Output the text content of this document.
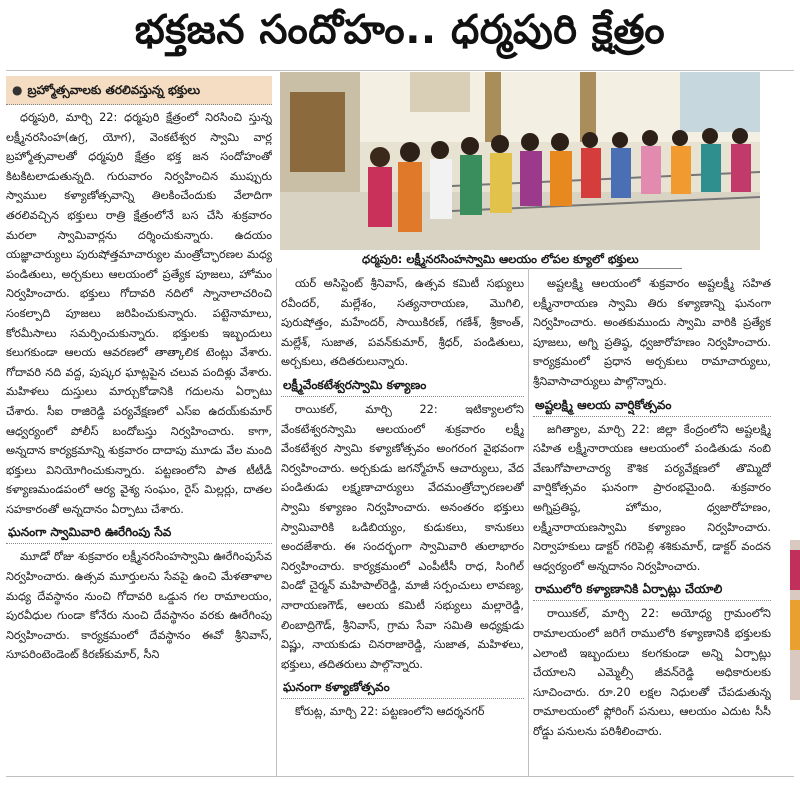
భక్తజన సందోహం.. ధర్మపురి క్షేత్రం
● బ్రహ్మోత్సవాలకు తరలివస్తున్న భక్తులు

ధర్మపురి, మార్చి 22: ధర్మపురి క్షేత్రంలో నిరసించి స్తున్న లక్ష్మీనరసింహ(ఉగ్ర, యోగ), వెంకటేశ్వర స్వామి వార్ల బ్రహ్మోత్సవాలతో ధర్మపురి క్షేత్రం భక్త జన సందోహంతో కిటకిటలాడుతున్నది. గురువారం నిర్వహించిన ముప్పురు స్వాముల కళ్యాణోత్సవాన్ని తిలకించేందుకు వేలాదిగా తరలివచ్చిన భక్తులు రాత్రి క్షేత్రంలోనే బస చేసి శుక్రవారం మరలా స్వామివార్లను దర్శించుకున్నారు. ఉదయం యజ్ఞాచార్యులు పురుషోత్తమాచార్యుల మంత్రోచ్ఛారణల మధ్య పండితులు, అర్చకులు ఆలయంలో ప్రత్యేక పూజలు, హోమం నిర్వహించారు. భక్తులు గోదావరి నదిలో స్నానాలాచరించి సంకల్పాది పూజలు జరిపించుకున్నారు. పట్టెనామాలు, కోరమీసాలు సమర్పించుకున్నారు. భక్తులకు ఇబ్బందులు కలుగకుండా ఆలయ ఆవరణలో తాత్కాలిక టెంట్లు వేశారు. గోదావరి నది వద్ద, పుష్కర ఘాట్లపైన చలువ పందిళ్లు వేశారు. మహిళలు దుస్తులు మార్చుకోడానికి గదులను ఏర్పాటు చేశారు. సీఐ రాజిరెడ్డి పర్యవేక్షణలో ఎస్ఐ ఉదయ్‌కుమార్ ఆధ్వర్యంలో పోలీస్ బందోబస్తు నిర్వహించారు. కాగా, అన్నదాన కార్యక్రమాన్ని శుక్రవారం దాదాపు మూడు వేల మంది భక్తులు వినియోగించుకున్నారు. పట్టణంలోని పాత టీటీడీ కళ్యాణమండపంలో ఆర్య వైశ్య సంఘం, రైస్ మిల్లర్లు, దాతల సహకారంతో అన్నదానం ఏర్పాటు చేశారు.

ఘనంగా స్వామివారి ఊరేగింపు సేవ

మూడో రోజు శుక్రవారం లక్ష్మీనరసింహస్వామి ఊరేగింపుసేవ నిర్వహించారు. ఉత్సవ మూర్తులను సేవపై ఉంచి మేళతాళాల మధ్య దేవస్థానం నుంచి గోదావరి ఒడ్డున గల రామాలయం, పురవీధుల గుండా కోనేరు నుంచి దేవస్థానం వరకు ఊరేగింపు నిర్వహించారు. కార్యక్రమంలో దేవస్థానం ఈవో శ్రీనివాస్, సూపరింటెండెంట్ కిరణ్‌కుమార్, సీని

ధర్మపురి: లక్ష్మీనరసింహస్వామి ఆలయం లోపల క్యూలో భక్తులు

యర్ అసిస్టెంట్ శ్రీనివాస్, ఉత్సవ కమిటీ సభ్యులు రవీందర్, మల్లేశం, సత్యనారాయణ, మొగిలి, పురుషోత్తం, మహేందర్, సాయికిరణ్, గణేశ్, శ్రీకాంత్, మల్లేశ్, సుజాత, పవన్‌కుమార్, శ్రీధర్, పండితులు, అర్చకులు, తదితరులున్నారు.

లక్ష్మీవేంకటేశ్వరస్వామి కళ్యాణం

రాయికల్, మార్చి 22: ఇటిక్యాలలోని వేంకటేశ్వరస్వామి ఆలయంలో శుక్రవారం లక్ష్మీ వేంకటేశ్వర స్వామి కళ్యాణోత్సవం అంగరంగ వైభవంగా నిర్వహించారు. అర్చకుడు జగన్మోహన్ ఆచార్యులు, వేద పండితుడు లక్ష్మణాచార్యులు వేదమంత్రోచ్ఛారణలతో స్వామి కళ్యాణం నిర్వహించారు. అనంతరం భక్తులు స్వామివారికి ఒడిబియ్యం, కుడుకలు, కానుకలు అందజేశారు. ఈ సందర్భంగా స్వామివారి తులాభారం నిర్వహించారు. కార్యక్రమంలో ఎంపీటీసీ రాధ, సింగిల్ విండో చైర్మన్ మహిపాల్‌రెడ్డి, మాజీ సర్పంచులు లావణ్య, నారాయణగౌడ్, ఆలయ కమిటీ సభ్యులు మల్లారెడ్డి, లింబాద్రిగౌడ్, శ్రీనివాస్, గ్రామ సేవా సమితి అధ్యక్షుడు విష్ణు, నాయకుడు చినరాజారెడ్డి, సుజాత, మహిళలు, భక్తులు, తదితరులు పాల్గొన్నారు.

ఘనంగా కళ్యాణోత్సవం

కోరుట్ల, మార్చి 22: పట్టణంలోని ఆదర్శనగర్

అష్టలక్ష్మి ఆలయంలో శుక్రవారం అష్టలక్ష్మీ సహిత లక్ష్మీనారాయణ స్వామి తిరు కళ్యాణాన్ని ఘనంగా నిర్వహించారు. అంతకుముందు స్వామి వారికి ప్రత్యేక పూజలు, అగ్ని ప్రతిష్ఠ, ధ్వజారోహణం నిర్వహించారు. కార్యక్రమంలో ప్రధాన అర్చకులు రామాచార్యులు, శ్రీనివాసాచార్యులు పాల్గొన్నారు.

అష్టలక్ష్మి ఆలయ వార్షికోత్సవం

జగిత్యాల, మార్చి 22: జిల్లా కేంద్రంలోని అష్టలక్ష్మి సహిత లక్ష్మీనారాయణ ఆలయంలో పండితుడు నంబి వేణుగోపాలాచార్య కౌశిక పర్యవేక్షణలో తొమ్మిదో వార్షికోత్సవం ఘనంగా ప్రారంభమైంది. శుక్రవారం అగ్నిప్రతిష్ఠ, హోమం, ధ్వజారోహణం, లక్ష్మీనారాయణస్వామి కళ్యాణం నిర్వహించారు. నిర్వాహకులు డాక్టర్ గరిపెల్లి శశికుమార్, డాక్టర్ వందన ఆధ్వర్యంలో అన్నదానం నిర్వహించారు.

రాములోరి కళ్యాణానికి ఏర్పాట్లు చేయాలి

రాయికల్, మార్చి 22: అయోధ్య గ్రామంలోని రామాలయంలో జరిగే రాములోరి కళ్యాణానికి భక్తులకు ఎలాంటి ఇబ్బందులు కలగకుండా అన్ని ఏర్పాట్లు చేయాలని ఎమ్మెల్సీ జీవన్‌రెడ్డి అధికారులకు సూచించారు. రూ.20 లక్షల నిధులతో చేపడుతున్న రామాలయంలో ఫ్లోరింగ్ పనులు, ఆలయం ఎదుట సీసీ రోడ్డు పనులను పరిశీలించారు.
